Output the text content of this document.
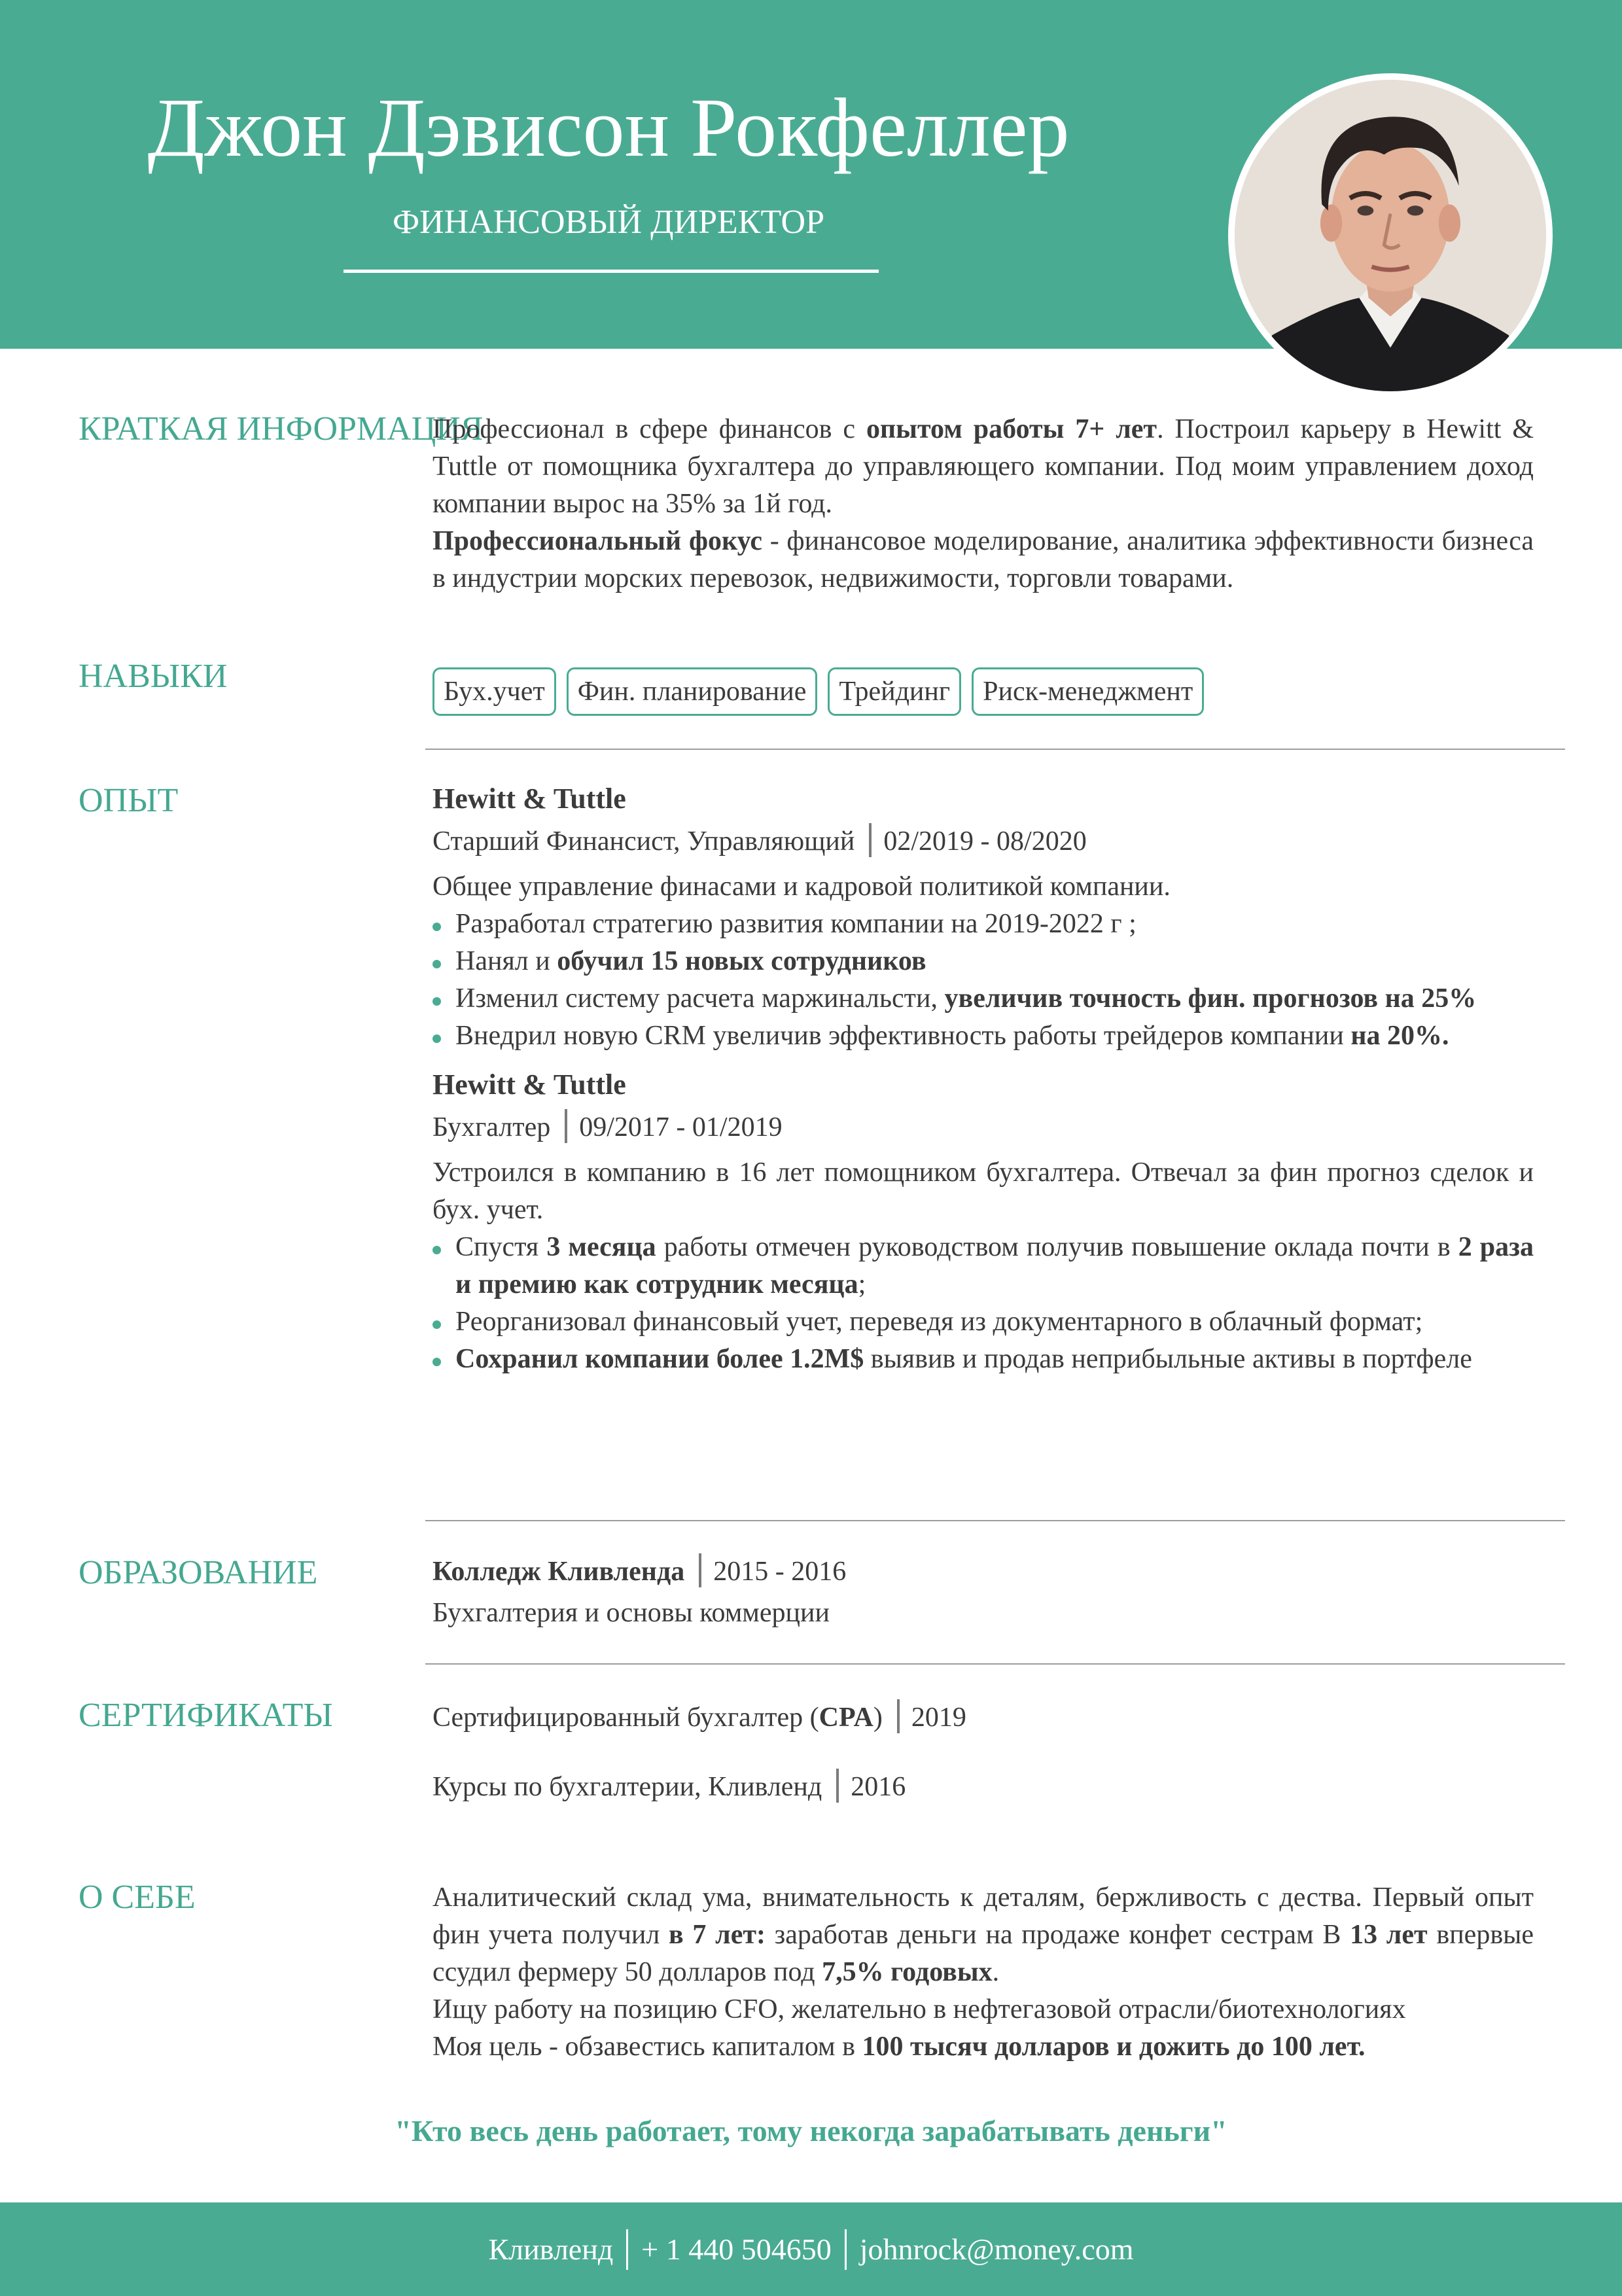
Джон Дэвисон Рокфеллер
ФИНАНСОВЫЙ ДИРЕКТОР
КРАТКАЯ ИНФОРМАЦИЯ

Профессионал в сфере финансов с опытом работы 7+ лет. Построил карьеру в Hewitt & Tuttle от помощника бухгалтера до управляющего компании. Под моим управлением доход компании вырос на 35% за 1й год.

Профессиональный фокус - финансовое моделирование, аналитика эффективности бизнеса в индустрии морских перевозок, недвижимости, торговли товарами.

НАВЫКИ	Бух.учет	Фин. планирование	Трейдинг	Риск-менеджмент
ОПЫТ	Hewitt & Tuttle

Старший Финансист, Управляющий 02/2019 - 08/2020

Общее управление финасами и кадровой политикой компании.

Разработал стратегию развития компании на 2019-2022 г ;
Нанял и обучил 15 новых сотрудников
Изменил систему расчета маржинальсти, увеличив точность фин. прогнозов на 25%
Внедрил новую CRM увеличив эффективность работы трейдеров компании на 20%.

Hewitt & Tuttle

Бухгалтер 09/2017 - 01/2019

Устроился в компанию в 16 лет помощником бухгалтера. Отвечал за фин прогноз сделок и бух. учет.

Спустя 3 месяца работы отмечен руководством получив повышение оклада почти в 2 раза и премию как сотрудник месяца;
Реорганизовал финансовый учет, переведя из документарного в облачный формат;
Сохранил компании более 1.2М$ выявив и продав неприбыльные активы в портфеле
ОБРАЗОВАНИЕ	Колледж Кливленда 2015 - 2016

Бухгалтерия и основы коммерции

СЕРТИФИКАТЫ	Сертифицированный бухгалтер (CPA) 2019

Курсы по бухгалтерии, Кливленд 2016

О СЕБЕ	Аналитический склад ума, внимательность к деталям, бержливость с дества. Первый опыт фин учета получил в 7 лет: заработав деньги на продаже конфет сестрам В 13 лет впервые ссудил фермеру 50 долларов под 7,5% годовых.

Ищу работу на позицию CFO, желательно в нефтегазовой отрасли/биотехнологиях

Моя цель - обзавестись капиталом в 100 тысяч долларов и дожить до 100 лет.

"Кто весь день работает, тому некогда зарабатывать деньги"
Кливленд + 1 440 504650 johnrock@money.com
